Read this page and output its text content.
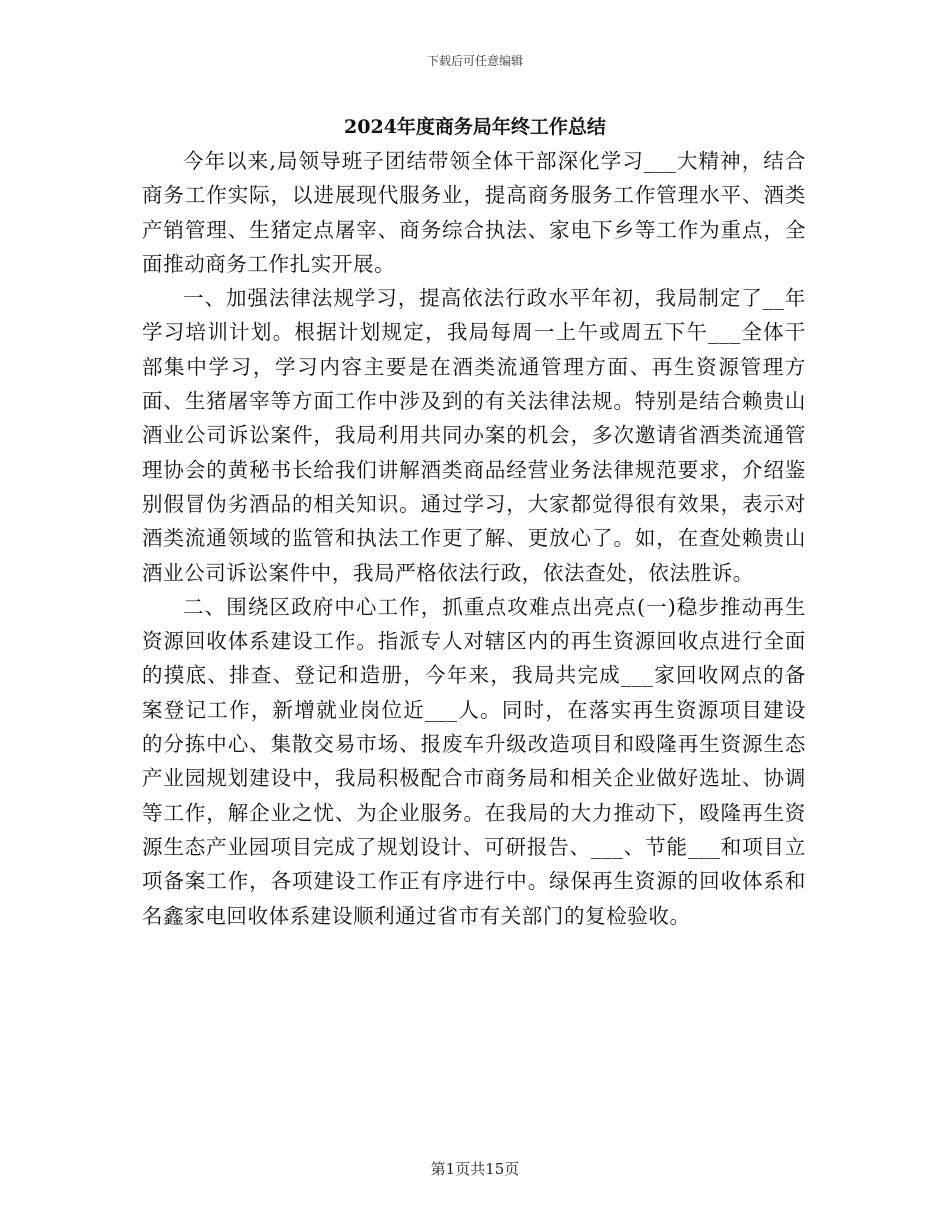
下载后可任意编辑
2024年度商务局年终工作总结

今年以来,局领导班子团结带领全体干部深化学习___大精神，结合商务工作实际，以进展现代服务业，提高商务服务工作管理水平、酒类产销管理、生猪定点屠宰、商务综合执法、家电下乡等工作为重点，全面推动商务工作扎实开展。

一、加强法律法规学习，提高依法行政水平年初，我局制定了__年学习培训计划。根据计划规定，我局每周一上午或周五下午___全体干部集中学习，学习内容主要是在酒类流通管理方面、再生资源管理方面、生猪屠宰等方面工作中涉及到的有关法律法规。特别是结合赖贵山酒业公司诉讼案件，我局利用共同办案的机会，多次邀请省酒类流通管理协会的黄秘书长给我们讲解酒类商品经营业务法律规范要求，介绍鉴别假冒伪劣酒品的相关知识。通过学习，大家都觉得很有效果，表示对酒类流通领域的监管和执法工作更了解、更放心了。如，在查处赖贵山酒业公司诉讼案件中，我局严格依法行政，依法查处，依法胜诉。

二、围绕区政府中心工作，抓重点攻难点出亮点(一)稳步推动再生资源回收体系建设工作。指派专人对辖区内的再生资源回收点进行全面的摸底、排查、登记和造册，今年来，我局共完成___家回收网点的备案登记工作，新增就业岗位近___人。同时，在落实再生资源项目建设的分拣中心、集散交易市场、报废车升级改造项目和殴隆再生资源生态产业园规划建设中，我局积极配合市商务局和相关企业做好选址、协调等工作，解企业之忧、为企业服务。在我局的大力推动下，殴隆再生资源生态产业园项目完成了规划设计、可研报告、___、节能___和项目立项备案工作，各项建设工作正有序进行中。绿保再生资源的回收体系和名鑫家电回收体系建设顺利通过省市有关部门的复检验收。

第1页共15页
